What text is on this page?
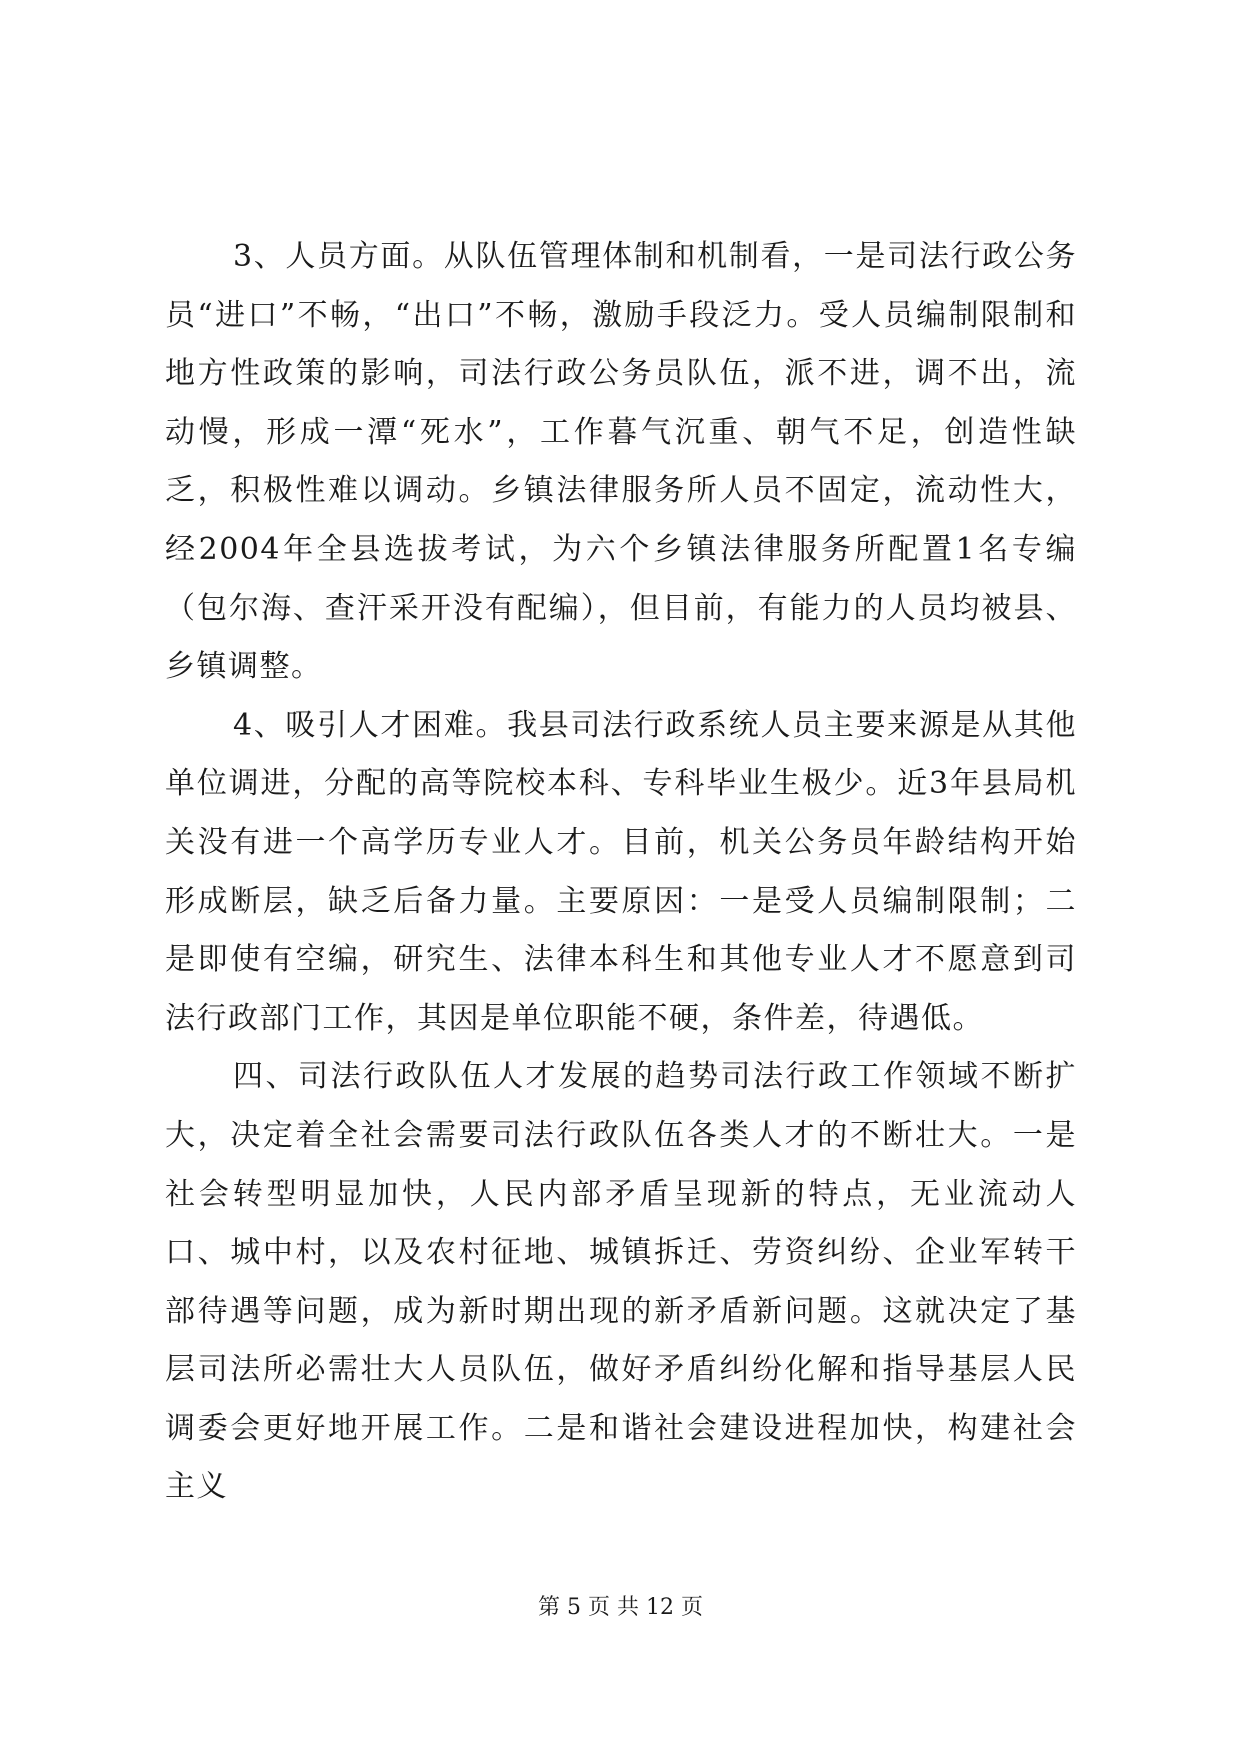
3、人员方面。从队伍管理体制和机制看，一是司法行政公务员“进口”不畅，“出口”不畅，激励手段泛力。受人员编制限制和地方性政策的影响，司法行政公务员队伍，派不进，调不出，流动慢，形成一潭“死水”，工作暮气沉重、朝气不足，创造性缺乏，积极性难以调动。乡镇法律服务所人员不固定，流动性大，经2004年全县选拔考试，为六个乡镇法律服务所配置1名专编（包尔海、查汗采开没有配编），但目前，有能力的人员均被县、乡镇调整。

4、吸引人才困难。我县司法行政系统人员主要来源是从其他单位调进，分配的高等院校本科、专科毕业生极少。近3年县局机关没有进一个高学历专业人才。目前，机关公务员年龄结构开始形成断层，缺乏后备力量。主要原因：一是受人员编制限制；二是即使有空编，研究生、法律本科生和其他专业人才不愿意到司法行政部门工作，其因是单位职能不硬，条件差，待遇低。

四、司法行政队伍人才发展的趋势司法行政工作领域不断扩大，决定着全社会需要司法行政队伍各类人才的不断壮大。一是社会转型明显加快，人民内部矛盾呈现新的特点，无业流动人口、城中村，以及农村征地、城镇拆迁、劳资纠纷、企业军转干部待遇等问题，成为新时期出现的新矛盾新问题。这就决定了基层司法所必需壮大人员队伍，做好矛盾纠纷化解和指导基层人民调委会更好地开展工作。二是和谐社会建设进程加快，构建社会主义

第 5 页 共 12 页
